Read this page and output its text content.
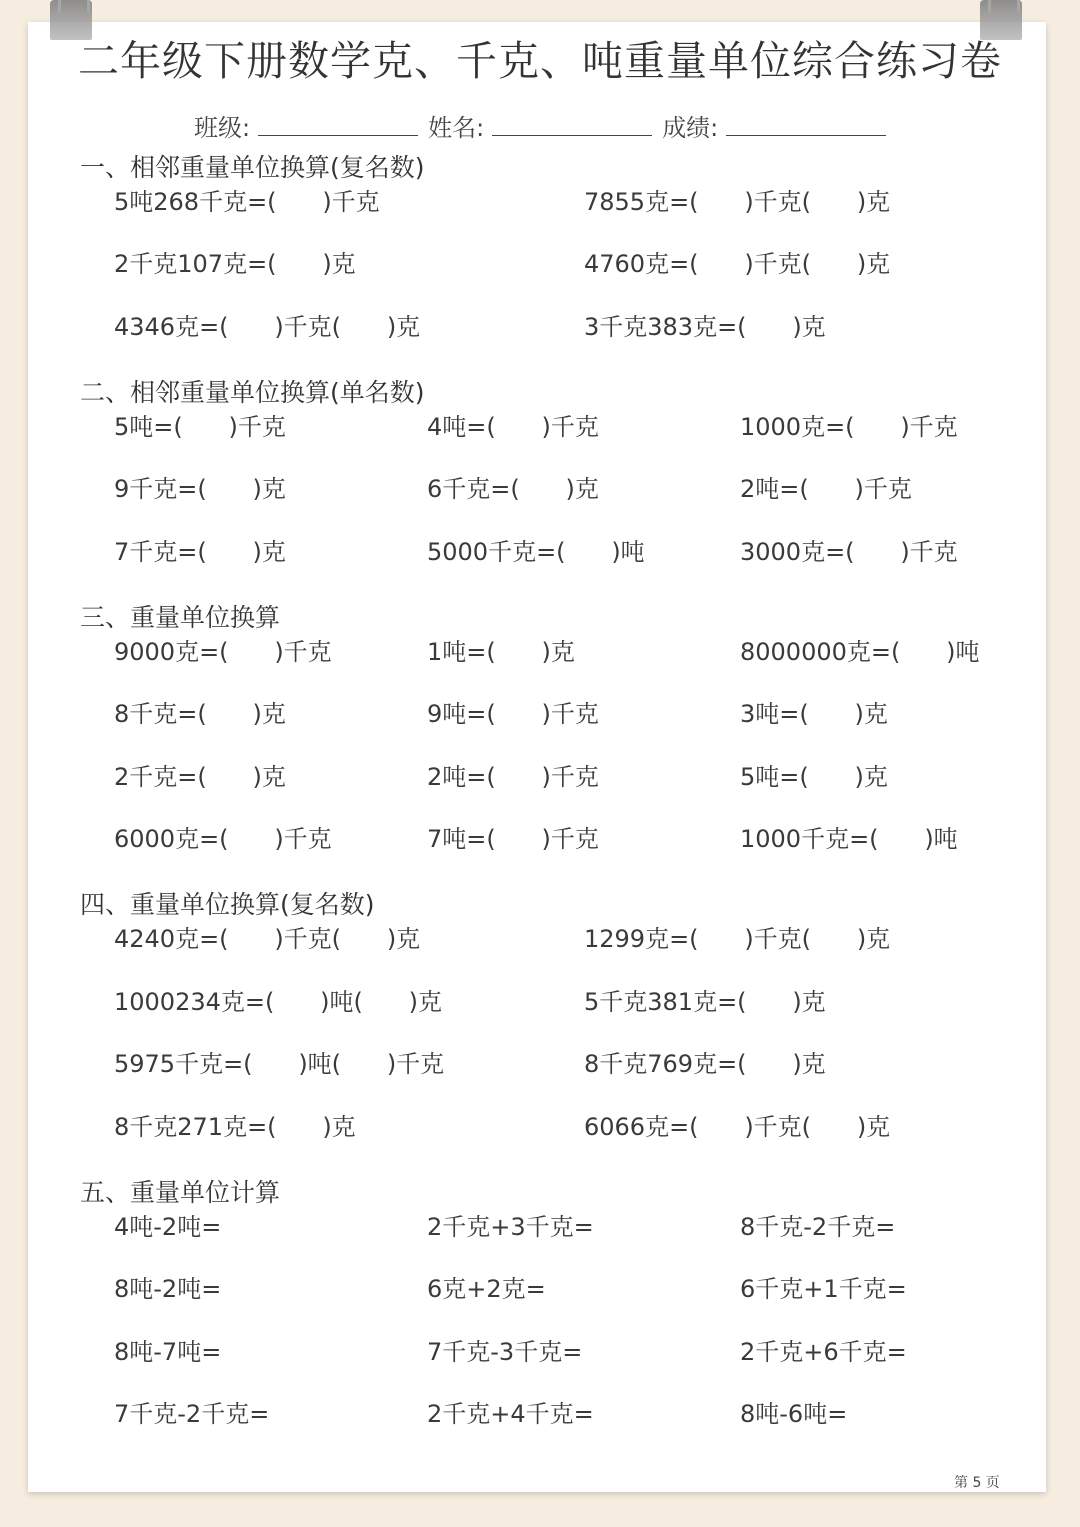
二年级下册数学克、千克、吨重量单位综合练习卷
班级:	姓名:	成绩:
一、相邻重量单位换算(复名数)
5吨268千克=(      )千克	7855克=(      )千克(      )克
2千克107克=(      )克	4760克=(      )千克(      )克
4346克=(      )千克(      )克	3千克383克=(      )克
二、相邻重量单位换算(单名数)
5吨=(      )千克	4吨=(      )千克	1000克=(      )千克
9千克=(      )克	6千克=(      )克	2吨=(      )千克
7千克=(      )克	5000千克=(      )吨	3000克=(      )千克
三、重量单位换算
9000克=(      )千克	1吨=(      )克	8000000克=(      )吨
8千克=(      )克	9吨=(      )千克	3吨=(      )克
2千克=(      )克	2吨=(      )千克	5吨=(      )克
6000克=(      )千克	7吨=(      )千克	1000千克=(      )吨
四、重量单位换算(复名数)
4240克=(      )千克(      )克	1299克=(      )千克(      )克
1000234克=(      )吨(      )克	5千克381克=(      )克
5975千克=(      )吨(      )千克	8千克769克=(      )克
8千克271克=(      )克	6066克=(      )千克(      )克
五、重量单位计算
4吨-2吨=	2千克+3千克=	8千克-2千克=
8吨-2吨=	6克+2克=	6千克+1千克=
8吨-7吨=	7千克-3千克=	2千克+6千克=
7千克-2千克=	2千克+4千克=	8吨-6吨=
第 5 页
